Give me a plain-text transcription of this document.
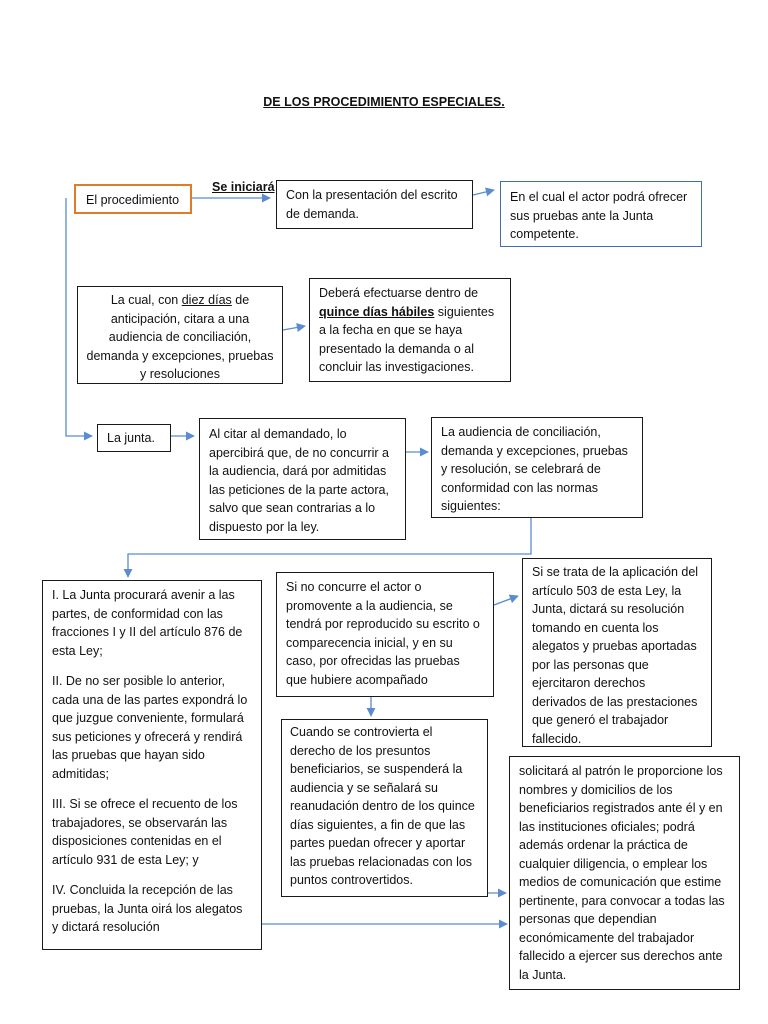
DE LOS PROCEDIMIENTO ESPECIALES.
El procedimiento
Se iniciará
Con la presentación del escrito de demanda.
En el cual el actor podrá ofrecer sus pruebas ante la Junta competente.
La cual, con diez días de anticipación, citara a una audiencia de conciliación, demanda y excepciones, pruebas y resoluciones
Deberá efectuarse dentro de quince días hábiles siguientes a la fecha en que se haya presentado la demanda o al concluir las investigaciones.
La junta.	Al citar al demandado, lo apercibirá que, de no concurrir a la audiencia, dará por admitidas las peticiones de la parte actora, salvo que sean contrarias a lo dispuesto por la ley.
La audiencia de conciliación, demanda y excepciones, pruebas y resolución, se celebrará de conformidad con las normas siguientes:

I. La Junta procurará avenir a las partes, de conformidad con las fracciones I y II del artículo 876 de esta Ley;

II. De no ser posible lo anterior, cada una de las partes expondrá lo que juzgue conveniente, formulará sus peticiones y ofrecerá y rendirá las pruebas que hayan sido admitidas;

III. Si se ofrece el recuento de los trabajadores, se observarán las disposiciones contenidas en el artículo 931 de esta Ley; y

IV. Concluida la recepción de las pruebas, la Junta oirá los alegatos y dictará resolución

Si no concurre el actor o promovente a la audiencia, se tendrá por reproducido su escrito o comparecencia inicial, y en su caso, por ofrecidas las pruebas que hubiere acompañado
Si se trata de la aplicación del artículo 503 de esta Ley, la Junta, dictará su resolución tomando en cuenta los alegatos y pruebas aportadas por las personas que ejercitaron derechos derivados de las prestaciones que generó el trabajador fallecido.
Cuando se controvierta el derecho de los presuntos beneficiarios, se suspenderá la audiencia y se señalará su reanudación dentro de los quince días siguientes, a fin de que las partes puedan ofrecer y aportar las pruebas relacionadas con los puntos controvertidos.
solicitará al patrón le proporcione los nombres y domicilios de los beneficiarios registrados ante él y en las instituciones oficiales; podrá además ordenar la práctica de cualquier diligencia, o emplear los medios de comunicación que estime pertinente, para convocar a todas las personas que dependian económicamente del trabajador fallecido a ejercer sus derechos ante la Junta.
